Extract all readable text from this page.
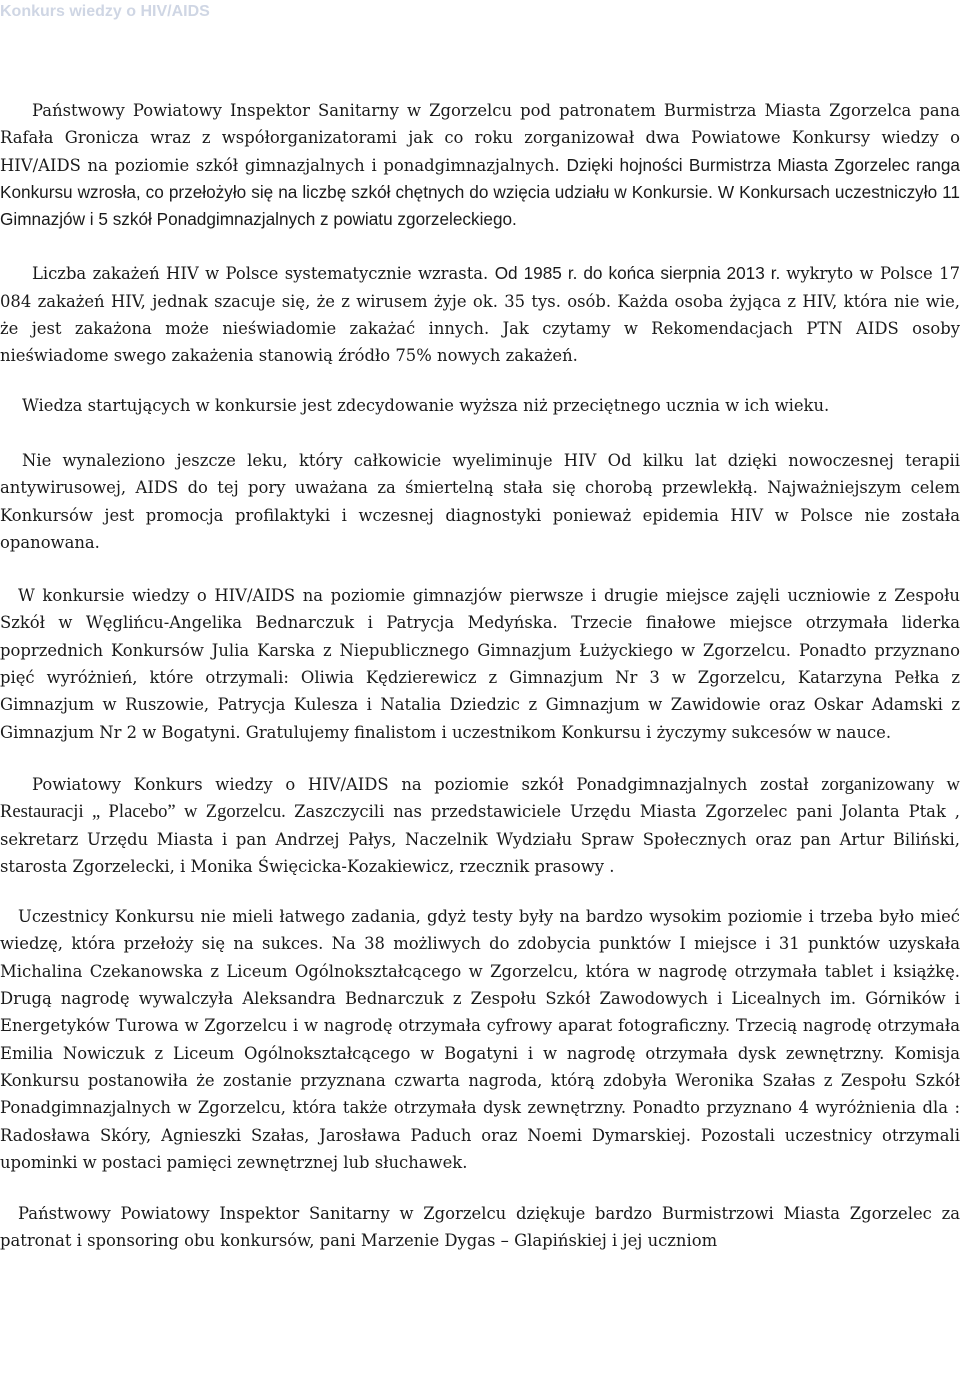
Konkurs wiedzy o HIV/AIDS

Państwowy Powiatowy Inspektor Sanitarny w Zgorzelcu pod patronatem Burmistrza Miasta Zgorzelca pana Rafała Gronicza wraz z współorganizatorami jak co roku zorganizował dwa Powiatowe Konkursy wiedzy o HIV/AIDS na poziomie szkół gimnazjalnych i ponadgimnazjalnych. Dzięki hojności Burmistrza Miasta Zgorzelec ranga Konkursu wzrosła, co przełożyło się na liczbę szkół chętnych do wzięcia udziału w Konkursie. W Konkursach uczestniczyło 11 Gimnazjów i 5 szkół Ponadgimnazjalnych z powiatu zgorzeleckiego.

Liczba zakażeń HIV w Polsce systematycznie wzrasta. Od 1985 r. do końca sierpnia 2013 r. wykryto w Polsce 17 084 zakażeń HIV, jednak szacuje się, że z wirusem żyje ok. 35 tys. osób. Każda osoba żyjąca z HIV, która nie wie, że jest zakażona może nieświadomie zakażać innych. Jak czytamy w Rekomendacjach PTN AIDS osoby nieświadome swego zakażenia stanowią źródło 75% nowych zakażeń.

Wiedza startujących w konkursie jest zdecydowanie wyższa niż przeciętnego ucznia w ich wieku.

Nie wynaleziono jeszcze leku, który całkowicie wyeliminuje HIV Od kilku lat dzięki nowoczesnej terapii antywirusowej, AIDS do tej pory uważana za śmiertelną stała się chorobą przewlekłą. Najważniejszym celem Konkursów jest promocja profilaktyki i wczesnej diagnostyki ponieważ epidemia HIV w Polsce nie została opanowana.

W konkursie wiedzy o HIV/AIDS na poziomie gimnazjów pierwsze i drugie miejsce zajęli uczniowie z Zespołu Szkół w Węglińcu-Angelika Bednarczuk i Patrycja Medyńska. Trzecie finałowe miejsce otrzymała liderka poprzednich Konkursów Julia Karska z Niepublicznego Gimnazjum Łużyckiego w Zgorzelcu. Ponadto przyznano pięć wyróżnień, które otrzymali: Oliwia Kędzierewicz z Gimnazjum Nr 3 w Zgorzelcu, Katarzyna Pełka z Gimnazjum w Ruszowie, Patrycja Kulesza i Natalia Dziedzic z Gimnazjum w Zawidowie oraz Oskar Adamski z Gimnazjum Nr 2 w Bogatyni. Gratulujemy finalistom i uczestnikom Konkursu i życzymy sukcesów w nauce.

Powiatowy Konkurs wiedzy o HIV/AIDS na poziomie szkół Ponadgimnazjalnych został zorganizowany w Restauracji „ Placebo” w Zgorzelcu. Zaszczycili nas przedstawiciele Urzędu Miasta Zgorzelec pani Jolanta Ptak , sekretarz Urzędu Miasta i pan Andrzej Pałys, Naczelnik Wydziału Spraw Społecznych oraz pan Artur Biliński, starosta Zgorzelecki, i Monika Święcicka-Kozakiewicz, rzecznik prasowy .

Uczestnicy Konkursu nie mieli łatwego zadania, gdyż testy były na bardzo wysokim poziomie i trzeba było mieć wiedzę, która przełoży się na sukces. Na 38 możliwych do zdobycia punktów I miejsce i 31 punktów uzyskała Michalina Czekanowska z Liceum Ogólnokształcącego w Zgorzelcu, która w nagrodę otrzymała tablet i książkę. Drugą nagrodę wywalczyła Aleksandra Bednarczuk z Zespołu Szkół Zawodowych i Licealnych im. Górników i Energetyków Turowa w Zgorzelcu i w nagrodę otrzymała cyfrowy aparat fotograficzny. Trzecią nagrodę otrzymała Emilia Nowiczuk z Liceum Ogólnokształcącego w Bogatyni i w nagrodę otrzymała dysk zewnętrzny. Komisja Konkursu postanowiła że zostanie przyznana czwarta nagroda, którą zdobyła Weronika Szałas z Zespołu Szkół Ponadgimnazjalnych w Zgorzelcu, która także otrzymała dysk zewnętrzny. Ponadto przyznano 4 wyróżnienia dla : Radosława Skóry, Agnieszki Szałas, Jarosława Paduch oraz Noemi Dymarskiej. Pozostali uczestnicy otrzymali upominki w postaci pamięci zewnętrznej lub słuchawek.

Państwowy Powiatowy Inspektor Sanitarny w Zgorzelcu dziękuje bardzo Burmistrzowi Miasta Zgorzelec za patronat i sponsoring obu konkursów, pani Marzenie Dygas – Glapińskiej i jej uczniom
